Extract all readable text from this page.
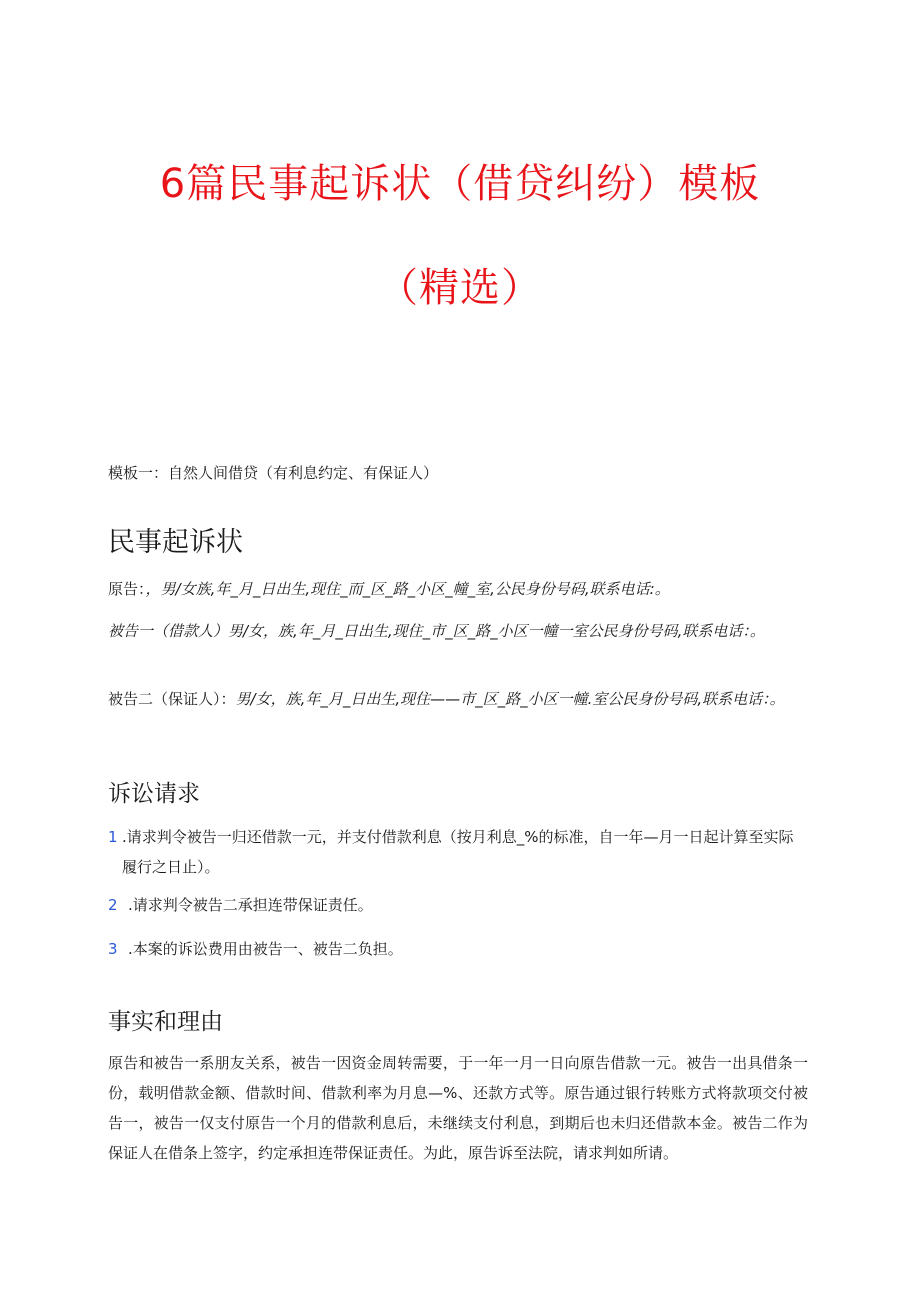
6篇民事起诉状（借贷纠纷）模板
（精选）
模板一：自然人间借贷（有利息约定、有保证人）
民事起诉状
原告：，男/女族,年_月_日出生,现住_而_区_路_小区_幢_室,公民身份号码,联系电话:。
被告一（借款人）男/女，族,年_月_日出生,现住_市_区_路_小区一幢一室公民身份号码,联系电话：。
被告二（保证人）：男/女，族,年_月_日出生,现住——市_区_路_小区一幢.室公民身份号码,联系电话：。
诉讼请求
1 .请求判令被告一归还借款一元，并支付借款利息（按月利息_%的标准，自一年—月一日起计算至实际履行之日止）。
2 .请求判令被告二承担连带保证责任。
3 .本案的诉讼费用由被告一、被告二负担。
事实和理由
原告和被告一系朋友关系，被告一因资金周转需要，于一年一月一日向原告借款一元。被告一出具借条一份，载明借款金额、借款时间、借款利率为月息—%、还款方式等。原告通过银行转账方式将款项交付被告一，被告一仅支付原告一个月的借款利息后，未继续支付利息，到期后也未归还借款本金。被告二作为保证人在借条上签字，约定承担连带保证责任。为此，原告诉至法院，请求判如所请。
